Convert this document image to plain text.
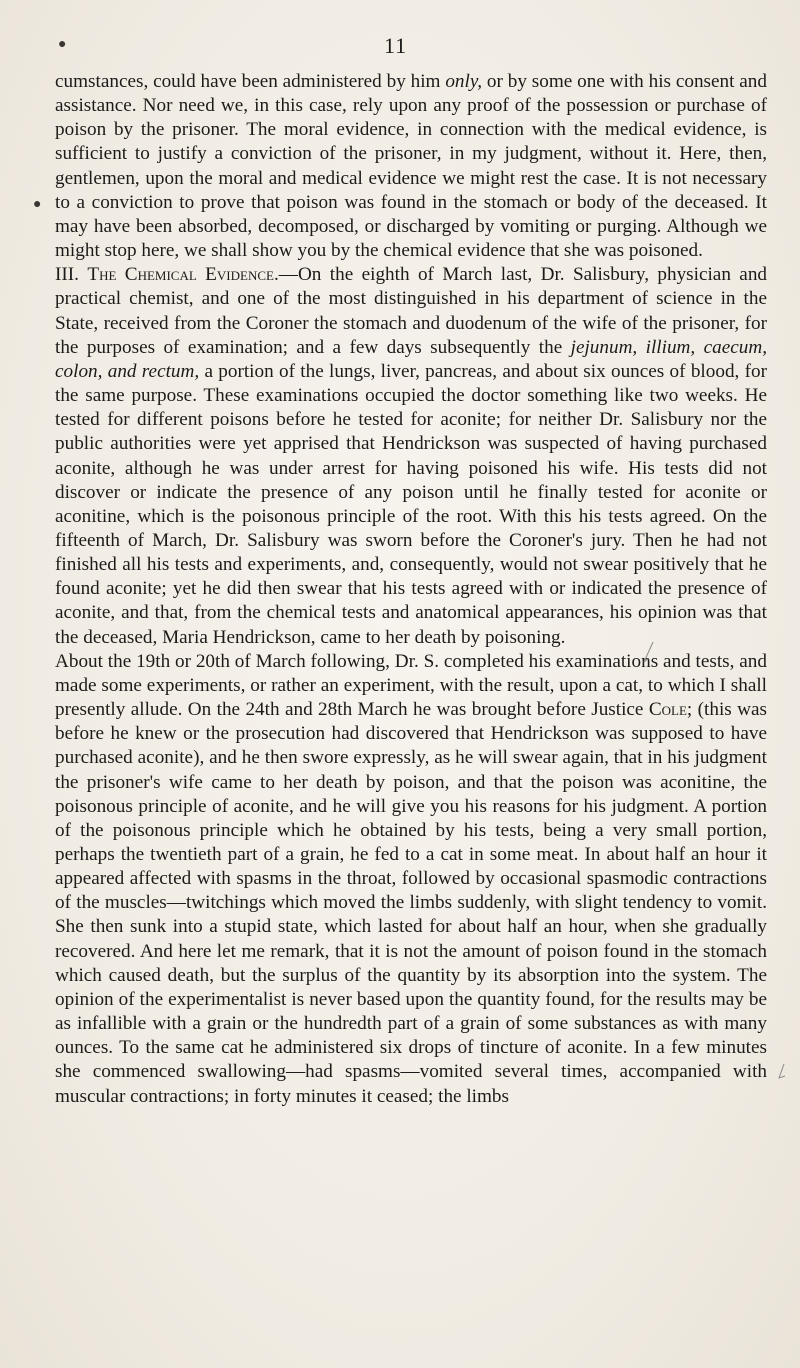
●
●
11

cumstances, could have been administered by him only, or by some one with his consent and assistance. Nor need we, in this case, rely upon any proof of the possession or purchase of poison by the prisoner. The moral evidence, in connection with the medical evidence, is sufficient to justify a conviction of the prisoner, in my judgment, without it. Here, then, gentlemen, upon the moral and medical evidence we might rest the case. It is not necessary to a conviction to prove that poison was found in the stomach or body of the deceased. It may have been absorbed, decomposed, or discharged by vomiting or purging. Although we might stop here, we shall show you by the chemical evidence that she was poisoned.

III. The Chemical Evidence.—On the eighth of March last, Dr. Salisbury, physician and practical chemist, and one of the most distinguished in his department of science in the State, received from the Coroner the stomach and duodenum of the wife of the prisoner, for the purposes of examination; and a few days subsequently the jejunum, illium, caecum, colon, and rectum, a portion of the lungs, liver, pancreas, and about six ounces of blood, for the same purpose. These examinations occupied the doctor something like two weeks. He tested for different poisons before he tested for aconite; for neither Dr. Salisbury nor the public authorities were yet apprised that Hendrickson was suspected of having purchased aconite, although he was under arrest for having poisoned his wife. His tests did not discover or indicate the presence of any poison until he finally tested for aconite or aconitine, which is the poisonous principle of the root. With this his tests agreed. On the fifteenth of March, Dr. Salisbury was sworn before the Coroner's jury. Then he had not finished all his tests and experiments, and, consequently, would not swear positively that he found aconite; yet he did then swear that his tests agreed with or indicated the presence of aconite, and that, from the chemical tests and anatomical appearances, his opinion was that the deceased, Maria Hendrickson, came to her death by poisoning.

About the 19th or 20th of March following, Dr. S. completed his examinations and tests, and made some experiments, or rather an experiment, with the result, upon a cat, to which I shall presently allude. On the 24th and 28th March he was brought before Justice Cole; (this was before he knew or the prosecution had discovered that Hendrickson was supposed to have purchased aconite), and he then swore expressly, as he will swear again, that in his judgment the prisoner's wife came to her death by poison, and that the poison was aconitine, the poisonous principle of aconite, and he will give you his reasons for his judgment. A portion of the poisonous principle which he obtained by his tests, being a very small portion, perhaps the twentieth part of a grain, he fed to a cat in some meat. In about half an hour it appeared affected with spasms in the throat, followed by occasional spasmodic contractions of the muscles—twitchings which moved the limbs suddenly, with slight tendency to vomit. She then sunk into a stupid state, which lasted for about half an hour, when she gradually recovered. And here let me remark, that it is not the amount of poison found in the stomach which caused death, but the surplus of the quantity by its absorption into the system. The opinion of the experimentalist is never based upon the quantity found, for the results may be as infallible with a grain or the hundredth part of a grain of some substances as with many ounces. To the same cat he administered six drops of tincture of aconite. In a few minutes she commenced swallowing—had spasms—vomited several times, accompanied with muscular contractions; in forty minutes it ceased; the limbs
